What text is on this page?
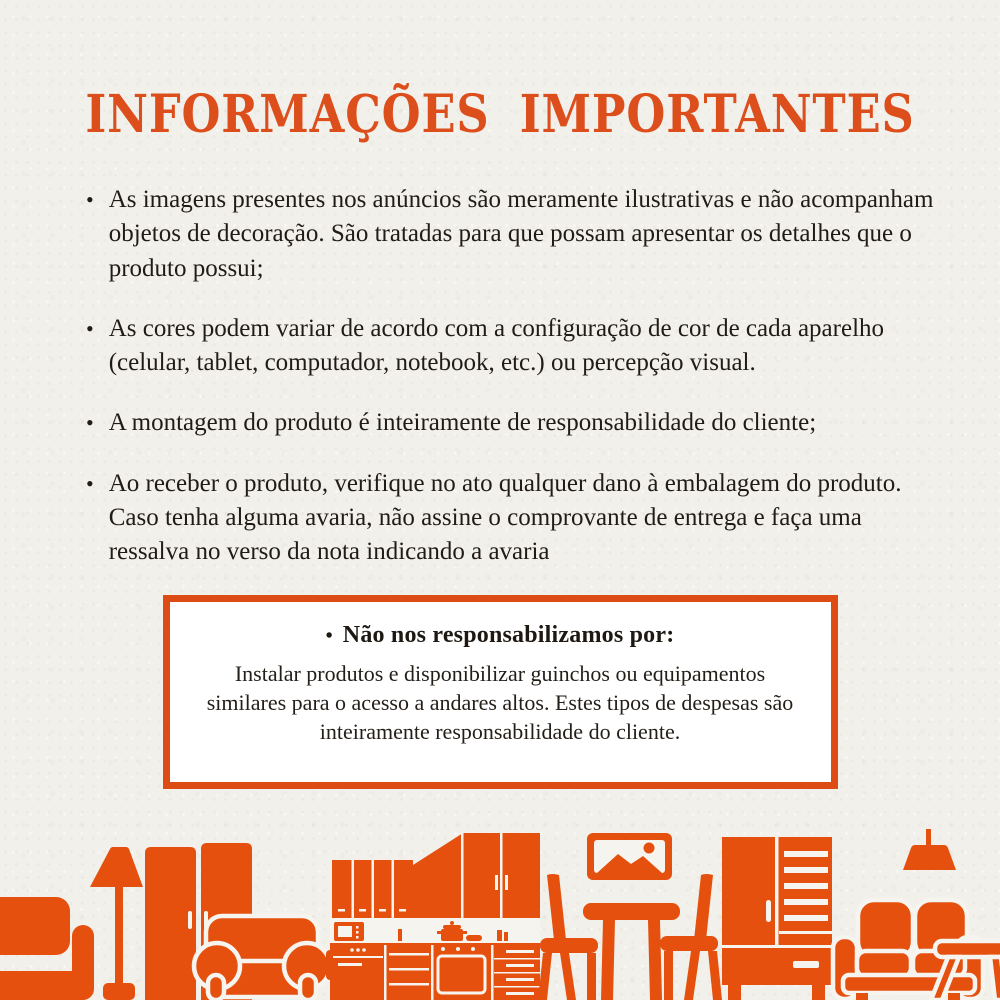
INFORMAÇÕES IMPORTANTES
• As imagens presentes nos anúncios são meramente ilustrativas e não acompanham objetos de decoração. São tratadas para que possam apresentar os detalhes que o produto possui;
• As cores podem variar de acordo com a configuração de cor de cada aparelho (celular, tablet, computador, notebook, etc.) ou percepção visual.
• A montagem do produto é inteiramente de responsabilidade do cliente;
• Ao receber o produto, verifique no ato qualquer dano à embalagem do produto. Caso tenha alguma avaria, não assine o comprovante de entrega e faça uma ressalva no verso da nota indicando a avaria
• Não nos responsabilizamos por:
Instalar produtos e disponibilizar guinchos ou equipamentos similares para o acesso a andares altos. Estes tipos de despesas são inteiramente responsabilidade do cliente.
